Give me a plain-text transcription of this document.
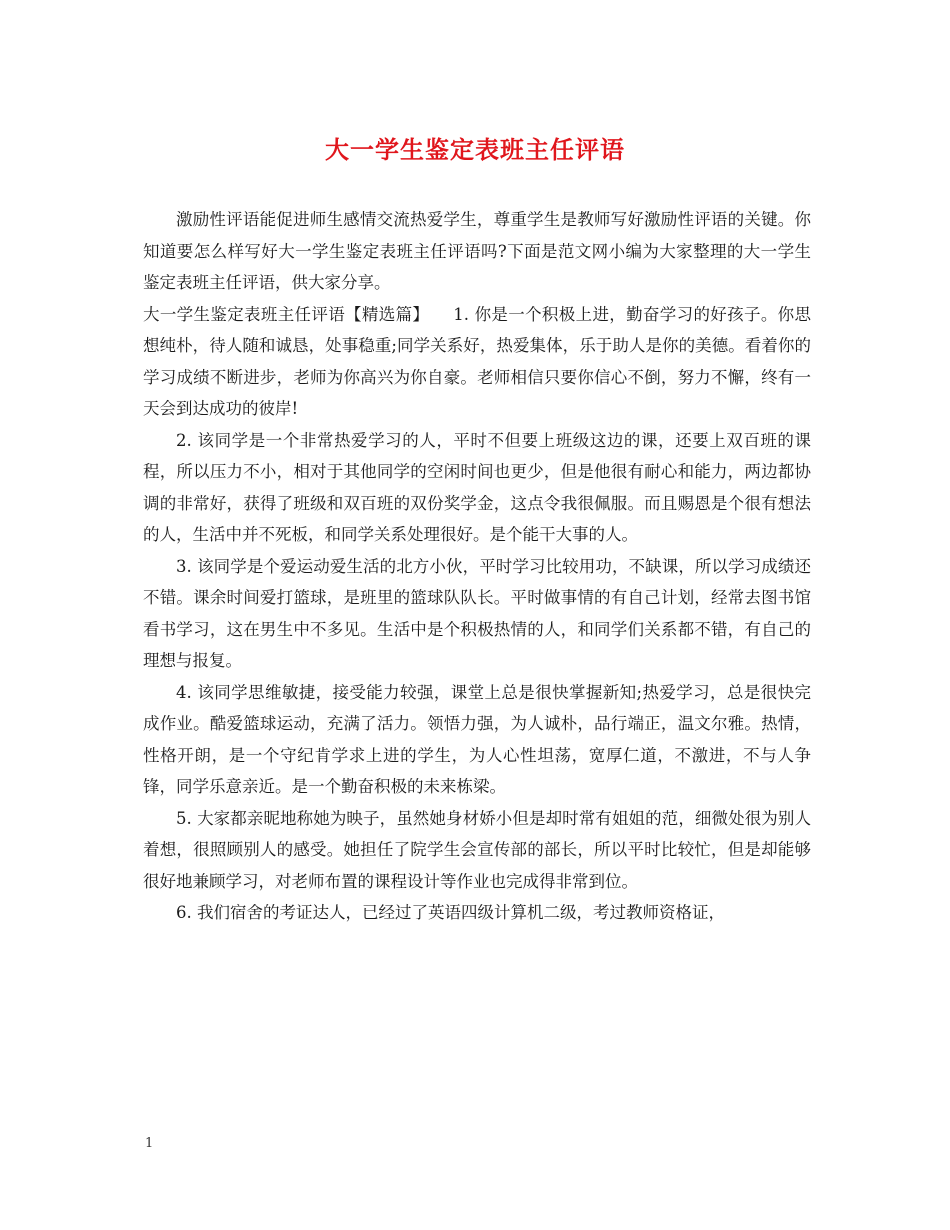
大一学生鉴定表班主任评语

激励性评语能促进师生感情交流热爱学生，尊重学生是教师写好激励性评语的关键。你知道要怎么样写好大一学生鉴定表班主任评语吗?下面是范文网小编为大家整理的大一学生鉴定表班主任评语，供大家分享。

大一学生鉴定表班主任评语【精选篇】 1. 你是一个积极上进，勤奋学习的好孩子。你思想纯朴，待人随和诚恳，处事稳重;同学关系好，热爱集体，乐于助人是你的美德。看着你的学习成绩不断进步，老师为你高兴为你自豪。老师相信只要你信心不倒，努力不懈，终有一天会到达成功的彼岸!

2. 该同学是一个非常热爱学习的人，平时不但要上班级这边的课，还要上双百班的课程，所以压力不小，相对于其他同学的空闲时间也更少，但是他很有耐心和能力，两边都协调的非常好，获得了班级和双百班的双份奖学金，这点令我很佩服。而且赐恩是个很有想法的人，生活中并不死板，和同学关系处理很好。是个能干大事的人。

3. 该同学是个爱运动爱生活的北方小伙，平时学习比较用功，不缺课，所以学习成绩还不错。课余时间爱打篮球，是班里的篮球队队长。平时做事情的有自己计划，经常去图书馆看书学习，这在男生中不多见。生活中是个积极热情的人，和同学们关系都不错，有自己的理想与报复。

4. 该同学思维敏捷，接受能力较强，课堂上总是很快掌握新知;热爱学习，总是很快完成作业。酷爱篮球运动，充满了活力。领悟力强，为人诚朴，品行端正，温文尔雅。热情，性格开朗，是一个守纪肯学求上进的学生，为人心性坦荡，宽厚仁道，不激进，不与人争锋，同学乐意亲近。是一个勤奋积极的未来栋梁。

5. 大家都亲昵地称她为映子，虽然她身材娇小但是却时常有姐姐的范，细微处很为别人着想，很照顾别人的感受。她担任了院学生会宣传部的部长，所以平时比较忙，但是却能够很好地兼顾学习，对老师布置的课程设计等作业也完成得非常到位。

6. 我们宿舍的考证达人，已经过了英语四级计算机二级，考过教师资格证，

1
